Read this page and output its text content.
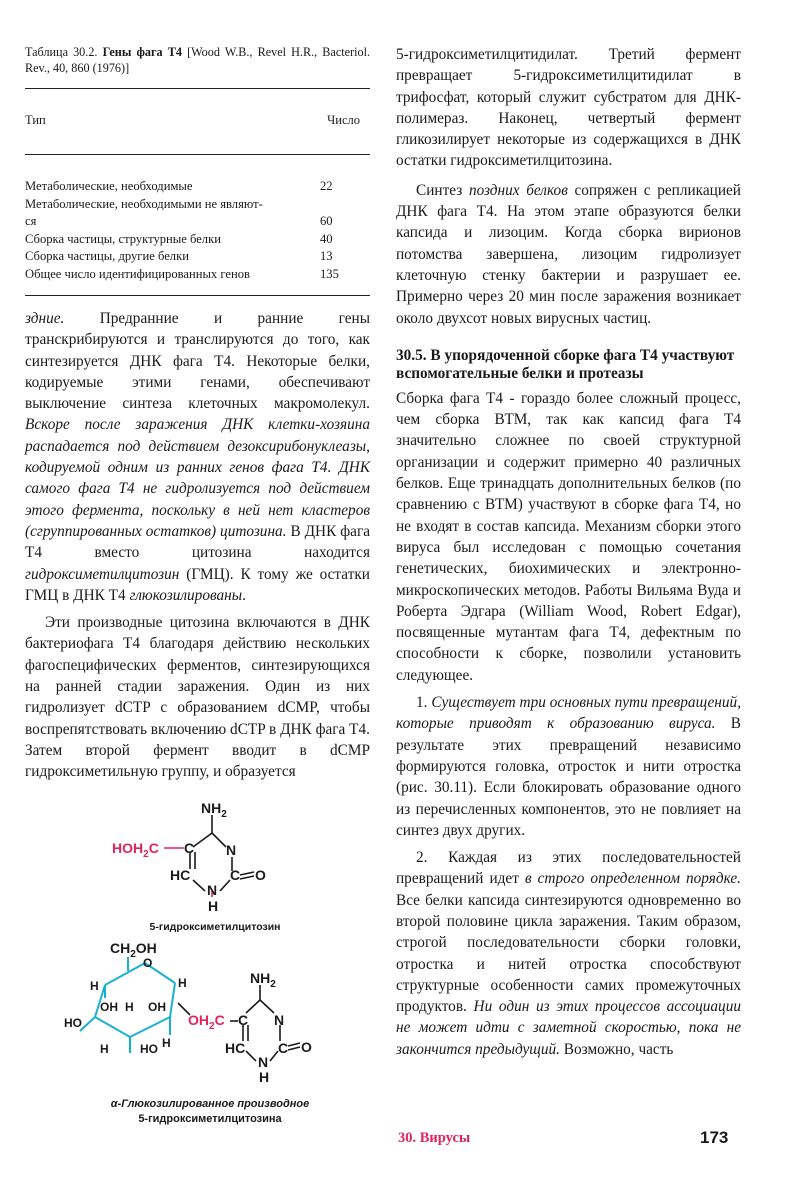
Таблица 30.2. Гены фага Т4 [Wood W.B., Revel H.R., Bacteriol. Rev., 40, 860 (1976)]

Тип	Число
Метаболические, необходимые	22
Метаболические, необходимыми не являют-
ся	60
Сборка частицы, структурные белки	40
Сборка частицы, другие белки	13
Общее число идентифицированных генов	135

здние. Предранние и ранние гены транскрибируются и транслируются до того, как синтезируется ДНК фага Т4. Некоторые белки, кодируемые этими генами, обеспечивают выключение синтеза клеточных макромолекул. Вскоре после заражения ДНК клетки-хозяина распадается под действием дезоксирибонуклеазы, кодируемой одним из ранних генов фага Т4. ДНК самого фага Т4 не гидролизуется под действием этого фермента, поскольку в ней нет кластеров (сгруппированных остатков) цитозина. В ДНК фага Т4 вместо цитозина находится гидроксиметилцитозин (ГМЦ). К тому же остатки ГМЦ в ДНК Т4 глюкозилированы.

Эти производные цитозина включаются в ДНК бактериофага Т4 благодаря действию нескольких фагоспецифических ферментов, синтезирующихся на ранней стадии заражения. Один из них гидролизует dCTP с образованием dCMP, чтобы воспрепятствовать включению dCTP в ДНК фага Т4. Затем второй фермент вводит в dCMP гидроксиметильную группу, и образуется

$NH_2$
$HOH_2C$ C N
HC	C O
N
H
5-гидроксиметилцитозин
$CH_2OH$
O
H	H
OH H OH
HO
H	HO H
$NH_2$
$OH_2C$ C N
HC C O
N
H
α-Глюкозилированное производное
5-гидроксиметилцитозина

5-гидроксиметилцитидилат. Третий фермент превращает 5-гидроксиметилцитидилат в трифосфат, который служит субстратом для ДНК-полимераз. Наконец, четвертый фермент гликозилирует некоторые из содержащихся в ДНК остатки гидроксиметилцитозина.

Синтез поздних белков сопряжен с репликацией ДНК фага Т4. На этом этапе образуются белки капсида и лизоцим. Когда сборка вирионов потомства завершена, лизоцим гидролизует клеточную стенку бактерии и разрушает ее. Примерно через 20 мин после заражения возникает около двухсот новых вирусных частиц.

30.5. В упорядоченной сборке фага Т4 участвуют вспомогательные белки и протеазы

Сборка фага Т4 - гораздо более сложный процесс, чем сборка ВТМ, так как капсид фага Т4 значительно сложнее по своей структурной организации и содержит примерно 40 различных белков. Еще тринадцать дополнительных белков (по сравнению с ВТМ) участвуют в сборке фага Т4, но не входят в состав капсида. Механизм сборки этого вируса был исследован с помощью сочетания генетических, биохимических и электронно-микроскопических методов. Работы Вильяма Вуда и Роберта Эдгара (William Wood, Robert Edgar), посвященные мутантам фага Т4, дефектным по способности к сборке, позволили установить следующее.

1. Существует три основных пути превращений, которые приводят к образованию вируса. В результате этих превращений независимо формируются головка, отросток и нити отростка (рис. 30.11). Если блокировать образование одного из перечисленных компонентов, это не повлияет на синтез двух других.

2. Каждая из этих последовательностей превращений идет в строго определенном порядке. Все белки капсида синтезируются одновременно во второй половине цикла заражения. Таким образом, строгой последовательности сборки головки, отростка и нитей отростка способствуют структурные особенности самих промежуточных продуктов. Ни один из этих процессов ассоциации не может идти с заметной скоростью, пока не закончится предыдущий. Возможно, часть

30. Вирусы	173
